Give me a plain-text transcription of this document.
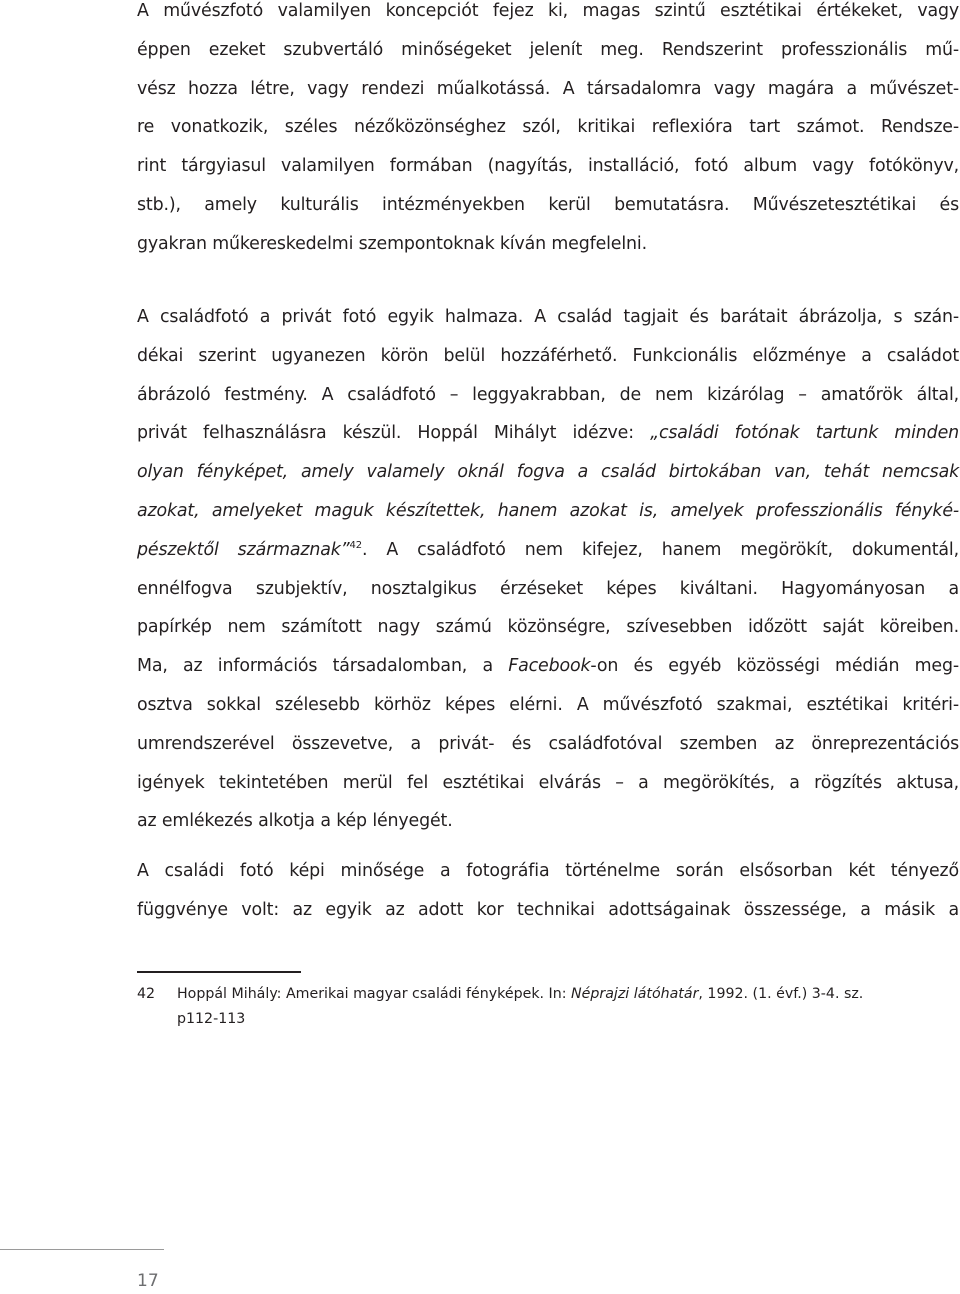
A művészfotó valamilyen koncepciót fejez ki, magas szintű esztétikai értékeket, vagy
éppen ezeket szubvertáló minőségeket jelenít meg. Rendszerint professzionális mű-
vész hozza létre, vagy rendezi műalkotássá. A társadalomra vagy magára a művészet-
re vonatkozik, széles nézőközönséghez szól, kritikai reflexióra tart számot. Rendsze-
rint tárgyiasul valamilyen formában (nagyítás, installáció, fotó album vagy fotókönyv,
stb.), amely kulturális intézményekben kerül bemutatásra. Művészetesztétikai és
gyakran műkereskedelmi szempontoknak kíván megfelelni.
A családfotó a privát fotó egyik halmaza. A család tagjait és barátait ábrázolja, s szán-
dékai szerint ugyanezen körön belül hozzáférhető. Funkcionális előzménye a családot
ábrázoló festmény. A családfotó – leggyakrabban, de nem kizárólag – amatőrök által,
privát felhasználásra készül. Hoppál Mihályt idézve: „családi fotónak tartunk minden
olyan fényképet, amely valamely oknál fogva a család birtokában van, tehát nemcsak
azokat, amelyeket maguk készítettek, hanem azokat is, amelyek professzionális fényké-
pészektől származnak”$^{42}$. A családfotó nem kifejez, hanem megörökít, dokumentál,
ennélfogva szubjektív, nosztalgikus érzéseket képes kiváltani. Hagyományosan a
papírkép nem számított nagy számú közönségre, szívesebben időzött saját köreiben.
Ma, az információs társadalomban, a Facebook-on és egyéb közösségi médián meg-
osztva sokkal szélesebb körhöz képes elérni. A művészfotó szakmai, esztétikai kritéri-
umrendszerével összevetve, a privát- és családfotóval szemben az önreprezentációs
igények tekintetében merül fel esztétikai elvárás – a megörökítés, a rögzítés aktusa,
az emlékezés alkotja a kép lényegét.
A családi fotó képi minősége a fotográfia történelme során elsősorban két tényező
függvénye volt: az egyik az adott kor technikai adottságainak összessége, a másik a
42 Hoppál Mihály: Amerikai magyar családi fényképek. In: Néprajzi látóhatár, 1992. (1. évf.) 3-4. sz.
p112-113
17
